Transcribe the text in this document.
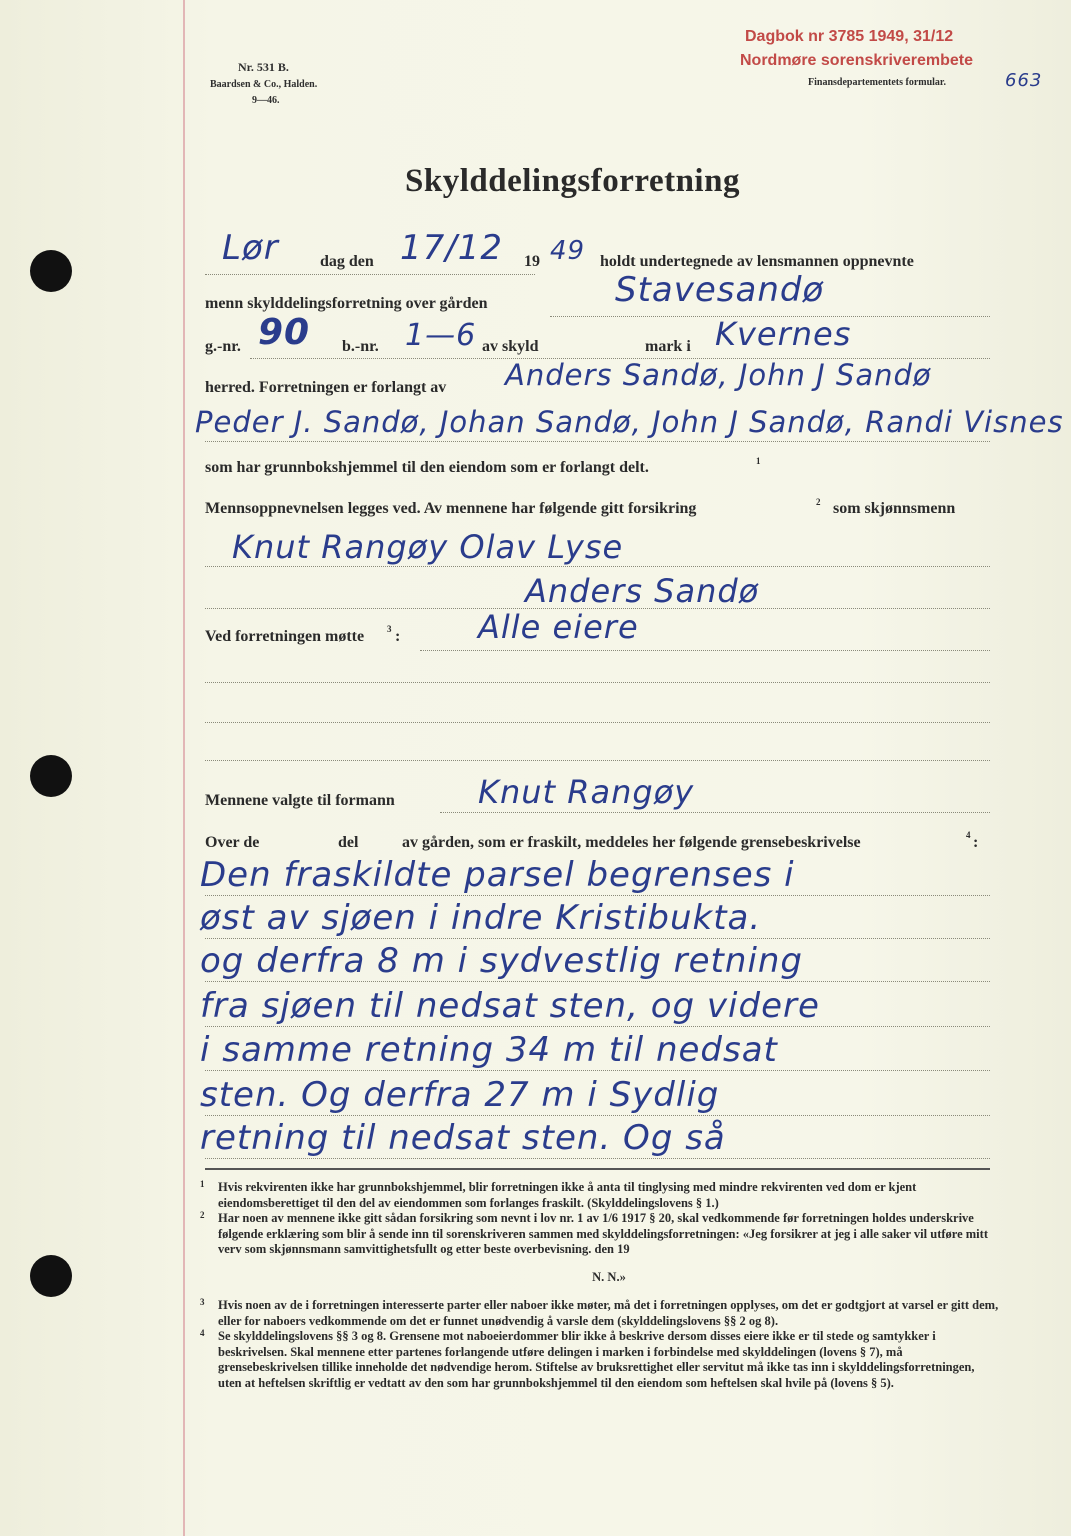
Nr. 531 B.
Baardsen & Co., Halden.
9—46.
Dagbok nr 3785 1949, 31/12
Nordmøre sorenskriverembete
Finansdepartementets formular.	663
Skylddelingsforretning
Lør	dag den 17/12 19 49 holdt undertegnede av lensmannen oppnevnte
menn skylddelingsforretning over gården	Stavesandø
g.-nr. 90 b.-nr. 1—6 av skyld	mark i Kvernes
herred. Forretningen er forlangt av Anders Sandø, John J Sandø
Peder J. Sandø, Johan Sandø, John J Sandø, Randi Visnes
som har grunnbokshjemmel til den eiendom som er forlangt delt.	1
Mennsoppnevnelsen legges ved. Av mennene har følgende gitt forsikring	2 som skjønnsmenn
Knut Rangøy Olav Lyse
Anders Sandø
Ved forretningen møtte	3 : Alle eiere
Mennene valgte til formann	Knut Rangøy
Over de	del	av gården, som er fraskilt, meddeles her følgende grensebeskrivelse	4 :
Den fraskildte parsel begrenses i
øst av sjøen i indre Kristibukta.
og derfra 8 m i sydvestlig retning
fra sjøen til nedsat sten, og videre
i samme retning 34 m til nedsat
sten. Og derfra 27 m i Sydlig
retning til nedsat sten. Og så

1 Hvis rekvirenten ikke har grunnbokshjemmel, blir forretningen ikke å anta til tinglysing med mindre rekvirenten ved dom er kjent eiendomsberettiget til den del av eiendommen som forlanges fraskilt. (Skylddelingslovens § 1.)

2 Har noen av mennene ikke gitt sådan forsikring som nevnt i lov nr. 1 av 1/6 1917 § 20, skal vedkommende før forretningen holdes underskrive følgende erklæring som blir å sende inn til sorenskriveren sammen med skylddelingsforretningen: «Jeg forsikrer at jeg i alle saker vil utføre mitt verv som skjønnsmann samvittighetsfullt og etter beste overbevisning. den 19

N. N.»

3 Hvis noen av de i forretningen interesserte parter eller naboer ikke møter, må det i forretningen opplyses, om det er godtgjort at varsel er gitt dem, eller for naboers vedkommende om det er funnet unødvendig å varsle dem (skylddelingslovens §§ 2 og 8).

4 Se skylddelingslovens §§ 3 og 8. Grensene mot naboeierdommer blir ikke å beskrive dersom disses eiere ikke er til stede og samtykker i beskrivelsen. Skal mennene etter partenes forlangende utføre delingen i marken i forbindelse med skylddelingen (lovens § 7), må grensebeskrivelsen tillike inneholde det nødvendige herom. Stiftelse av bruksrettighet eller servitut må ikke tas inn i skylddelingsforretningen, uten at heftelsen skriftlig er vedtatt av den som har grunnbokshjemmel til den eiendom som heftelsen skal hvile på (lovens § 5).
